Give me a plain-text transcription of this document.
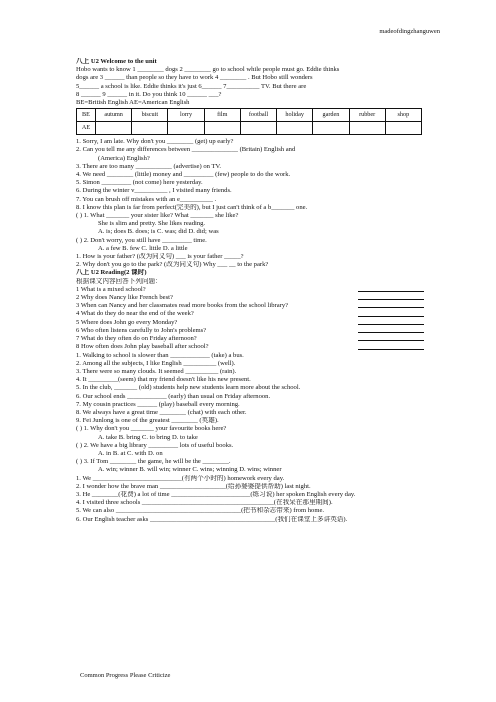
madeofdingzhanguwen
八上 U2 Welcome to the unit
Hobo wants to know 1 ________ dogs 2 ________ go to school while people must go. Eddie thinks
dogs are 3 ______ than people so they have to work 4 ________ . But Hobo still wonders
5______ a school is like. Eddie thinks it's just 6______ 7__________ TV. But there are
8 ______ 9 ______ in it. Do you think 10 ______ ___?
BE=British English AE=American English
BE	autumn	biscuit	lorry	film	football	holiday	garden	rubber	shop
AE									
1. Sorry, I am late. Why don't you ________ (get) up early?
2. Can you tell me any differences between ______________ (Britain) English and
(America) English?
3. There are too many ___________ (advertise) on TV.
4. We need ________ (little) money and _________ (few) people to do the work.
5. Simon _________ (not come) here yesterday.
6. During the winter v__________ , I visited many friends.
7. You can brush off mistakes with an e__________ .
8. I know this plan is far from perfect(完美的), but I just can't think of a b_______ one.
( ) 1. What _______ your sister like? What _______ she like?
She is slim and pretty. She likes reading.
A. is; does B. does; is C. was; did D. did; was
( ) 2. Don't worry, you still have _________ time.
A. a few B. few C. little D. a little
1. How is your father? (改为同义句) ___ is your father _____?
2. Why don't you go to the park? (改为同义句) Why ___ __ to the park?
八上 U2 Reading(2 课时)
根据课文内容回答下列问题：
1 What is a mixed school?
2 Why does Nancy like French best?
3 When can Nancy and her classmates read more books from the school library?
4 What do they do near the end of the week?
5 Where does John go every Monday?
6 Who often listens carefully to John's problems?
7 What do they often do on Friday afternoon?
8 How often does John play baseball after school?
1. Walking to school is slower than ____________ (take) a bus.
2. Among all the subjects, I like English __________ (well).
3. There were so many clouds. It seemed __________ (rain).
4. It _________(seem) that my friend doesn't like his new present.
5. In the club, _______ (old) students help new students learn more about the school.
6. Our school ends ____________ (early) than usual on Friday afternoon.
7. My cousin practices ______ (play) baseball every morning.
8. We always have a great time ________ (chat) with each other.
9. Fei Junlong is one of the greatest ________ (英雄).
( ) 1. Why don't you _______ your favourite books here?
A. take B. bring C. to bring D. to take
( ) 2. We have a big library _________ lots of useful books.
A. in B. at C. with D. on
( ) 3. If Tom ________ the game, he will be the ________.
A. win; winner B. will win; winner C. wins; winning D. wins; winner
1. We ___________________________(有两个小时的) homework every day.
2. I wonder how the brave man ____________________(给孙婆婆提供帮助) last night.
3. He ________(花费) a lot of time ________________________(练习说) her spoken English every day.
4. I visited three schools ________________________________________(在我呆在那里期间).
5. We can also ______________________________________(把书和杂志带来) from home.
6. Our English teacher asks ______________________________________(我们在课堂上多讲英语).
Common Progress Please Criticize
